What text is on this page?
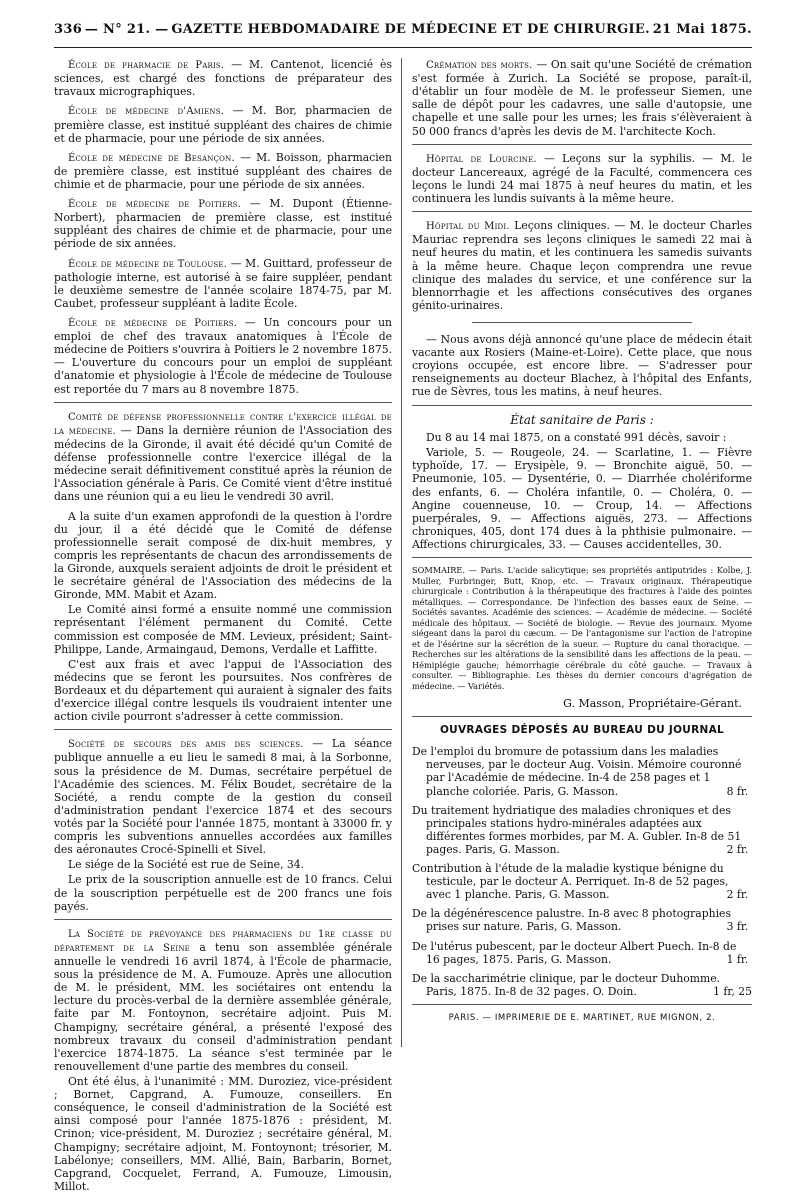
336 — N° 21. — GAZETTE HEBDOMADAIRE DE MÉDECINE ET DE CHIRURGIE. 21 Mai 1875.

École de pharmacie de Paris. — M. Cantenot, licencié ès sciences, est chargé des fonctions de préparateur des travaux micrographiques.

École de médecine d'Amiens. — M. Bor, pharmacien de première classe, est institué suppléant des chaires de chimie et de pharmacie, pour une période de six années.

École de médecine de Besançon. — M. Boisson, pharmacien de première classe, est institué suppléant des chaires de chimie et de pharmacie, pour une période de six années.

École de médecine de Poitiers. — M. Dupont (Étienne-Norbert), pharmacien de première classe, est institué suppléant des chaires de chimie et de pharmacie, pour une période de six années.

École de médecine de Toulouse. — M. Guittard, professeur de pathologie interne, est autorisé à se faire suppléer, pendant le deuxième semestre de l'année scolaire 1874-75, par M. Caubet, professeur suppléant à ladite École.

École de médecine de Poitiers. — Un concours pour un emploi de chef des travaux anatomiques à l'École de médecine de Poitiers s'ouvrira à Poitiers le 2 novembre 1875. — L'ouverture du concours pour un emploi de suppléant d'anatomie et physiologie à l'École de médecine de Toulouse est reportée du 7 mars au 8 novembre 1875.

Comité de défense professionnelle contre l'exercice illégal de la médecine. — Dans la dernière réunion de l'Association des médecins de la Gironde, il avait été décidé qu'un Comité de défense professionnelle contre l'exercice illégal de la médecine serait définitivement constitué après la réunion de l'Association générale à Paris. Ce Comité vient d'être institué dans une réunion qui a eu lieu le vendredi 30 avril.

A la suite d'un examen approfondi de la question à l'ordre du jour, il a été décidé que le Comité de défense professionnelle serait composé de dix-huit membres, y compris les représentants de chacun des arrondissements de la Gironde, auxquels seraient adjoints de droit le président et le secrétaire général de l'Association des médecins de la Gironde, MM. Mabit et Azam.

Le Comité ainsi formé a ensuite nommé une commission représentant l'élément permanent du Comité. Cette commission est composée de MM. Levieux, président; Saint-Philippe, Lande, Armaingaud, Demons, Verdalle et Laffitte.

C'est aux frais et avec l'appui de l'Association des médecins que se feront les poursuites. Nos confrères de Bordeaux et du département qui auraient à signaler des faits d'exercice illégal contre lesquels ils voudraient intenter une action civile pourront s'adresser à cette commission.

Société de secours des amis des sciences. — La séance publique annuelle a eu lieu le samedi 8 mai, à la Sorbonne, sous la présidence de M. Dumas, secrétaire perpétuel de l'Académie des sciences. M. Félix Boudet, secrétaire de la Société, a rendu compte de la gestion du conseil d'administration pendant l'exercice 1874 et des secours votés par la Société pour l'année 1875, montant à 33000 fr. y compris les subventions annuelles accordées aux familles des aéronautes Crocé-Spinelli et Sivel.

Le siége de la Société est rue de Seine, 34.

Le prix de la souscription annuelle est de 10 francs. Celui de la souscription perpétuelle est de 200 francs une fois payés.

La Société de prévoyance des pharmaciens du 1re classe du département de la Seine a tenu son assemblée générale annuelle le vendredi 16 avril 1874, à l'École de pharmacie, sous la présidence de M. A. Fumouze. Après une allocution de M. le président, MM. les sociétaires ont entendu la lecture du procès-verbal de la dernière assemblée générale, faite par M. Fontoynon, secrétaire adjoint. Puis M. Champigny, secrétaire général, a présenté l'exposé des nombreux travaux du conseil d'administration pendant l'exercice 1874-1875. La séance s'est terminée par le renouvellement d'une partie des membres du conseil.

Ont été élus, à l'unanimité : MM. Duroziez, vice-président ; Bornet, Capgrand, A. Fumouze, conseillers. En conséquence, le conseil d'administration de la Société est ainsi composé pour l'année 1875-1876 : président, M. Crinon; vice-président, M. Duroziez ; secrétaire général, M. Champigny; secrétaire adjoint, M. Fontoynont; trésorier, M. Labélonye; conseillers, MM. Allié, Bain, Barbarin, Bornet, Capgrand, Cocquelet, Ferrand, A. Fumouze, Limousin, Millot.

Crémation des morts. — On sait qu'une Société de crémation s'est formée à Zurich. La Société se propose, paraît-il, d'établir un four modèle de M. le professeur Siemen, une salle de dépôt pour les cadavres, une salle d'autopsie, une chapelle et une salle pour les urnes; les frais s'élèveraient à 50 000 francs d'après les devis de M. l'architecte Koch.

Hôpital de Lourcine. — Leçons sur la syphilis. — M. le docteur Lancereaux, agrégé de la Faculté, commencera ces leçons le lundi 24 mai 1875 à neuf heures du matin, et les continuera les lundis suivants à la même heure.

Hôpital du Midi. Leçons cliniques. — M. le docteur Charles Mauriac reprendra ses leçons cliniques le samedi 22 mai à neuf heures du matin, et les continuera les samedis suivants à la même heure. Chaque leçon comprendra une revue clinique des malades du service, et une conférence sur la blennorrhagie et les affections consécutives des organes génito-urinaires.

— Nous avons déjà annoncé qu'une place de médecin était vacante aux Rosiers (Maine-et-Loire). Cette place, que nous croyions occupée, est encore libre. — S'adresser pour renseignements au docteur Blachez, à l'hôpital des Enfants, rue de Sèvres, tous les matins, à neuf heures.

État sanitaire de Paris :

Du 8 au 14 mai 1875, on a constaté 991 décès, savoir :

Variole, 5. — Rougeole, 24. — Scarlatine, 1. — Fièvre typhoïde, 17. — Erysipèle, 9. — Bronchite aiguë, 50. — Pneumonie, 105. — Dysentérie, 0. — Diarrhée cholériforme des enfants, 6. — Choléra infantile, 0. — Choléra, 0. — Angine couenneuse, 10. — Croup, 14. — Affections puerpérales, 9. — Affections aiguës, 273. — Affections chroniques, 405, dont 174 dues à la phthisie pulmonaire. — Affections chirurgicales, 33. — Causes accidentelles, 30.

SOMMAIRE. — Paris. L'acide salicytique; ses propriétés antiputrides : Kolbe, J. Muller, Furbringer, Butt, Knop, etc. — Travaux originaux. Thérapeutique chirurgicale : Contribution à la thérapeutique des fractures à l'aide des pointes métalliques. — Correspondance. De l'infection des basses eaux de Seine. — Sociétés savantes. Académie des sciences. — Académie de médecine. — Société médicale des hôpitaux. — Société de biologie. — Revue des journaux. Myome siégeant dans la paroi du cæcum. — De l'antagonisme sur l'action de l'atropine et de l'ésérine sur la sécrétion de la sueur. — Rupture du canal thoracique. — Recherches sur les altérations de la sensibilité dans les affections de la peau. — Hémiplégie gauche; hémorrhagie cérébrale du côté gauche. — Travaux à consulter. — Bibliographie. Les thèses du dernier concours d'agrégation de médecine. — Variétés.

G. Masson, Propriétaire-Gérant.
OUVRAGES DÉPOSÉS AU BUREAU DU JOURNAL
De l'emploi du bromure de potassium dans les maladies nerveuses, par le docteur Aug. Voisin. Mémoire couronné par l'Académie de médecine. In-4 de 258 pages et 1 planche coloriée. Paris, G. Masson.	8 fr.
Du traitement hydriatique des maladies chroniques et des principales stations hydro-minérales adaptées aux différentes formes morbides, par M. A. Gubler. In-8 de 51 pages. Paris, G. Masson.	2 fr.
Contribution à l'étude de la maladie kystique bénigne du testicule, par le docteur A. Perriquet. In-8 de 52 pages, avec 1 planche. Paris, G. Masson.	2 fr.
De la dégénérescence palustre. In-8 avec 8 photographies prises sur nature. Paris, G. Masson.	3 fr.
De l'utérus pubescent, par le docteur Albert Puech. In-8 de 16 pages, 1875. Paris, G. Masson.	1 fr.
De la saccharimétrie clinique, par le docteur Duhomme. Paris, 1875. In-8 de 32 pages. O. Doin.	1 fr, 25
PARIS. — IMPRIMERIE DE E. MARTINET, RUE MIGNON, 2.
